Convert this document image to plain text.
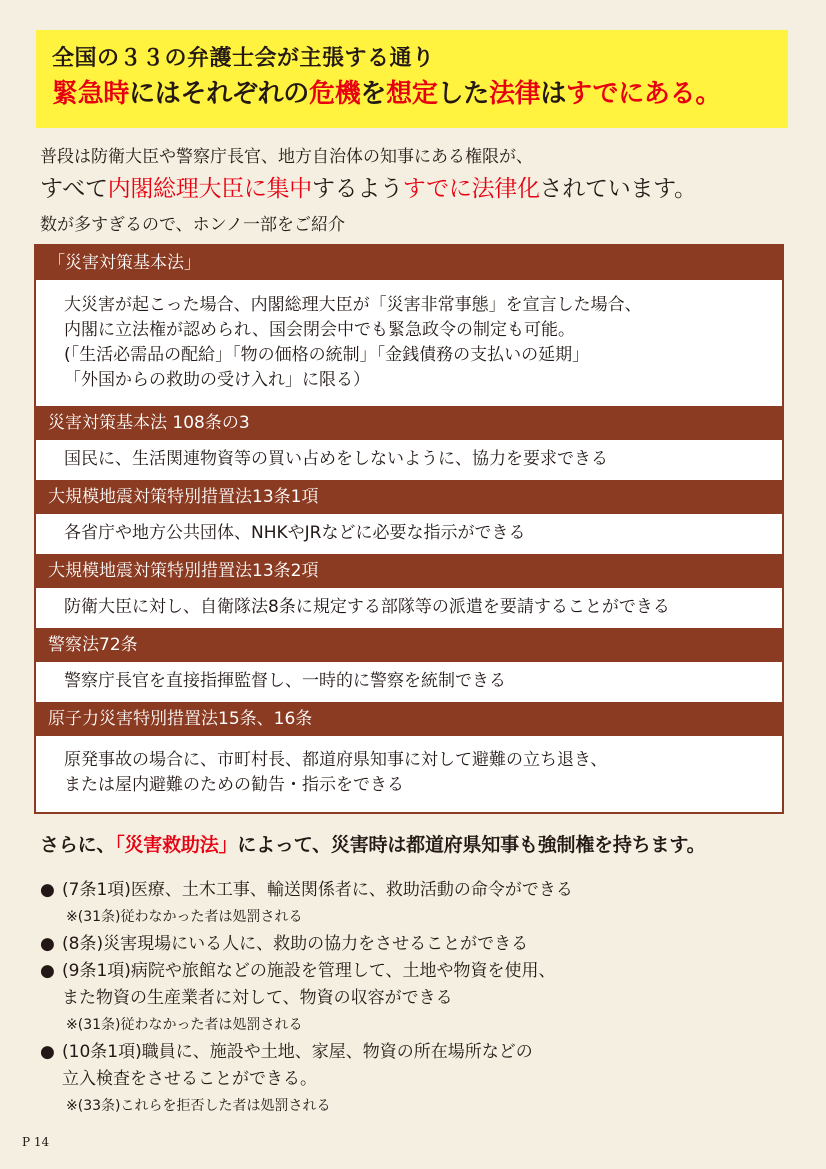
全国の３３の弁護士会が主張する通り
緊急時にはそれぞれの危機を想定した法律はすでにある。
普段は防衛大臣や警察庁長官、地方自治体の知事にある権限が、
すべて内閣総理大臣に集中するようすでに法律化されています。
数が多すぎるので、ホンノ一部をご紹介
「災害対策基本法」
大災害が起こった場合、内閣総理大臣が「災害非常事態」を宣言した場合、
内閣に立法権が認められ、国会閉会中でも緊急政令の制定も可能。
(「生活必需品の配給」「物の価格の統制」「金銭債務の支払いの延期」
「外国からの救助の受け入れ」に限る）
災害対策基本法 108条の3
国民に、生活関連物資等の買い占めをしないように、協力を要求できる
大規模地震対策特別措置法13条1項
各省庁や地方公共団体、NHKやJRなどに必要な指示ができる
大規模地震対策特別措置法13条2項
防衛大臣に対し、自衛隊法8条に規定する部隊等の派遣を要請することができる
警察法72条
警察庁長官を直接指揮監督し、一時的に警察を統制できる
原子力災害特別措置法15条、16条
原発事故の場合に、市町村長、都道府県知事に対して避難の立ち退き、
または屋内避難のための勧告・指示をできる
さらに、「災害救助法」によって、災害時は都道府県知事も強制権を持ちます。
● (7条1項)医療、土木工事、輸送関係者に、救助活動の命令ができる
※(31条)従わなかった者は処罰される
● (8条)災害現場にいる人に、救助の協力をさせることができる
● (9条1項)病院や旅館などの施設を管理して、土地や物資を使用、
また物資の生産業者に対して、物資の収容ができる
※(31条)従わなかった者は処罰される
● (10条1項)職員に、施設や土地、家屋、物資の所在場所などの
立入検査をさせることができる。
※(33条)これらを拒否した者は処罰される
P 14
